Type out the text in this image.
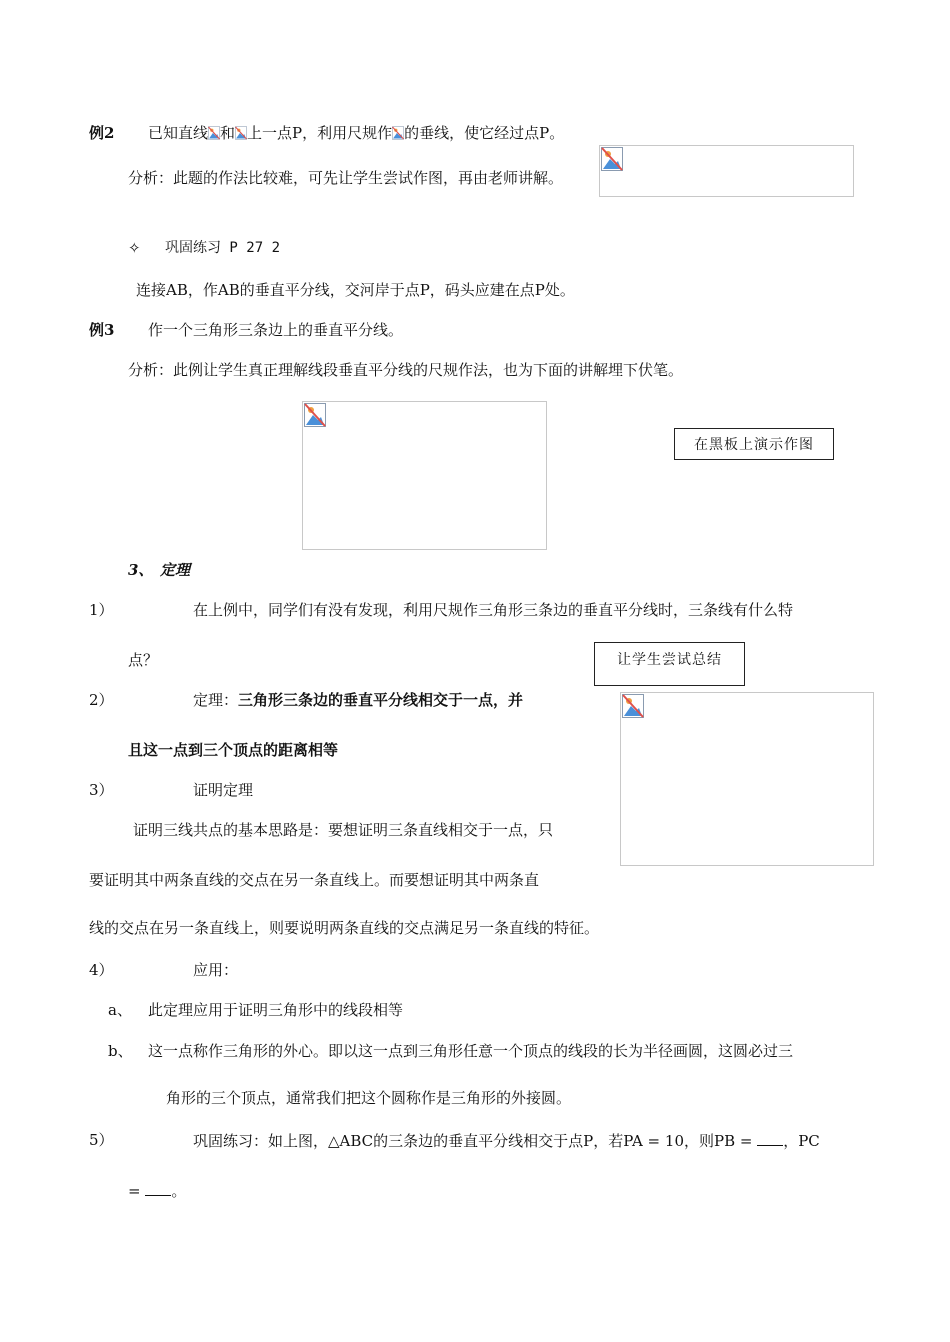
例2 已知直线 和 上一点P，利用尺规作 的垂线，使它经过点P。
分析：此题的作法比较难，可先让学生尝试作图，再由老师讲解。
✧ 巩固练习 P 27 2
连接AB，作AB的垂直平分线，交河岸于点P，码头应建在点P处。
例3 作一个三角形三条边上的垂直平分线。
分析：此例让学生真正理解线段垂直平分线的尺规作法，也为下面的讲解埋下伏笔。
在黑板上演示作图
3、 定理
1）	在上例中，同学们有没有发现，利用尺规作三角形三条边的垂直平分线时，三条线有什么特
点？	让学生尝试总结
2）	定理：三角形三条边的垂直平分线相交于一点，并
且这一点到三个顶点的距离相等
3）	证明定理
证明三线共点的基本思路是：要想证明三条直线相交于一点，只
要证明其中两条直线的交点在另一条直线上。而要想证明其中两条直
线的交点在另一条直线上，则要说明两条直线的交点满足另一条直线的特征。
4）	应用：
a、 此定理应用于证明三角形中的线段相等
b、 这一点称作三角形的外心。即以这一点到三角形任意一个顶点的线段的长为半径画圆，这圆必过三
角形的三个顶点，通常我们把这个圆称作是三角形的外接圆。
5）	巩固练习：如上图，△ABC的三条边的垂直平分线相交于点P，若PA = 10，则PB = ，PC
= 。
